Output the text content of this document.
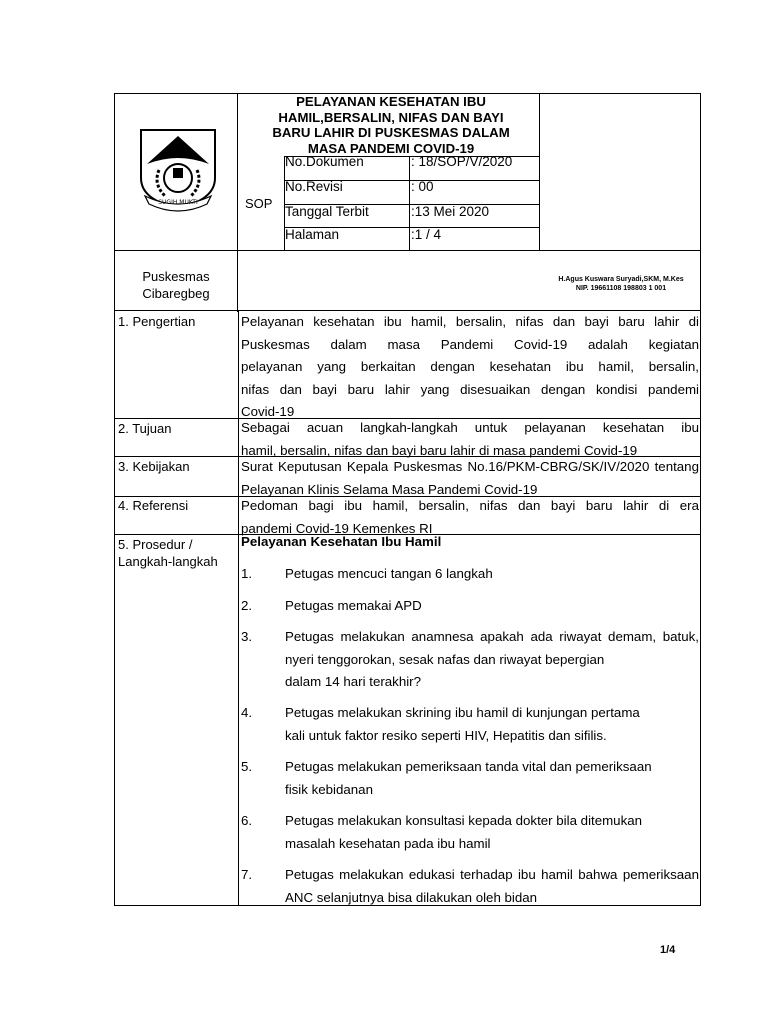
SUGIH MUKTI
PELAYANAN KESEHATAN IBU
HAMIL,BERSALIN, NIFAS DAN BAYI
BARU LAHIR DI PUSKESMAS DALAM
MASA PANDEMI COVID-19
SOP
No.Dokumen	: 18/SOP/V/2020
No.Revisi	: 00
Tanggal Terbit	:13 Mei 2020
Halaman	:1 / 4
Puskesmas
Cibaregbeg
H.Agus Kuswara Suryadi,SKM, M.Kes
NIP. 19661108 198803 1 001
1. Pengertian	Pelayanan kesehatan ibu hamil, bersalin, nifas dan bayi baru lahir di
Puskesmas dalam masa Pandemi Covid-19 adalah kegiatan
pelayanan yang berkaitan dengan kesehatan ibu hamil, bersalin,
nifas dan bayi baru lahir yang disesuaikan dengan kondisi pandemi
Covid-19
2. Tujuan	Sebagai acuan langkah-langkah untuk pelayanan kesehatan ibu
hamil, bersalin, nifas dan bayi baru lahir di masa pandemi Covid-19
3. Kebijakan	Surat Keputusan Kepala Puskesmas No.16/PKM-CBRG/SK/IV/2020 tentang Pelayanan Klinis Selama Masa Pandemi Covid-19
4. Referensi	Pedoman bagi ibu hamil, bersalin, nifas dan bayi baru lahir di era
pandemi Covid-19 Kemenkes RI
5. Prosedur /
Langkah-langkah
Pelayanan Kesehatan Ibu Hamil
1. Petugas mencuci tangan 6 langkah
2. Petugas memakai APD
3. Petugas melakukan anamnesa apakah ada riwayat demam, batuk, nyeri tenggorokan, sesak nafas dan riwayat bepergian
dalam 14 hari terakhir?
4. Petugas melakukan skrining ibu hamil di kunjungan pertama
kali untuk faktor resiko seperti HIV, Hepatitis dan sifilis.
5. Petugas melakukan pemeriksaan tanda vital dan pemeriksaan
fisik kebidanan
6. Petugas melakukan konsultasi kepada dokter bila ditemukan
masalah kesehatan pada ibu hamil
7. Petugas melakukan edukasi terhadap ibu hamil bahwa pemeriksaan ANC selanjutnya bisa dilakukan oleh bidan
1/4
